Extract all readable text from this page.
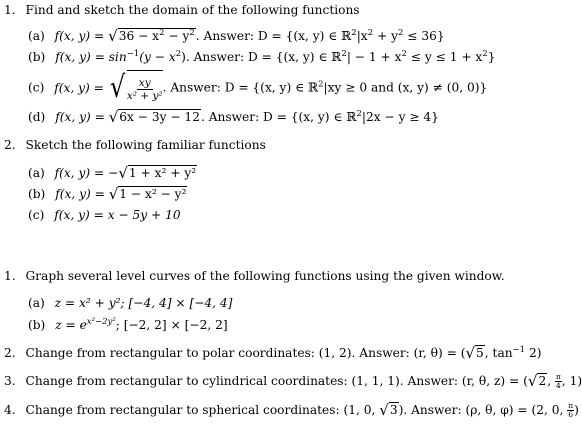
1. Find and sketch the domain of the following functions
(a) f(x, $y) = √36 - x^2 - y^2$. Answer: D = {(x, y) ∈ $ℝ^2|x^2 + y^2 \le 36$}
(b) f(x, $y) = \sin^{-1}(y - x^2)$. Answer: D = {(x, y) ∈ ℝ$^2$| − $1 + x^2 \le y \le 1 + x^2$}
(c) f(x, y) = √ $\frac{xy}{\text{x² + y²}}$ . Answer: D = {(x, y) ∈ ℝ$^2$|xy ≥ 0 and (x, y) ≠ (0, 0)}
(d) f(x, y) = √6x − 3y − 12. Answer: D = {(x, y) ∈ ℝ$^2$|2x − y ≥ 4}
2. Sketch the following familiar functions
(a) f(x, y) = −√1 + x² + y²
(b) f(x, y) = √1 − x² − y²
(c) f(x, y) = x − 5y + 10
1. Graph several level curves of the following functions using the given window.
(a) z = x² + y²; [−4, 4] × [−4, 4]
(b) $z = e^{x^2-2y^2}$; [−2, 2] × [−2, 2]
2. Change from rectangular to polar coordinates: (1, 2). Answer: (r, θ) = (√5, $\tan^{-1} 2$)
3. Change from rectangular to cylindrical coordinates: (1, 1, 1). Answer: (r, θ, z) = (√2, $\frac{\pi}{4}$ , 1)
4. Change from rectangular to spherical coordinates: (1, 0, √3). Answer: (ρ, θ, φ) = (2, 0, $\frac{\pi}{6}$ )
